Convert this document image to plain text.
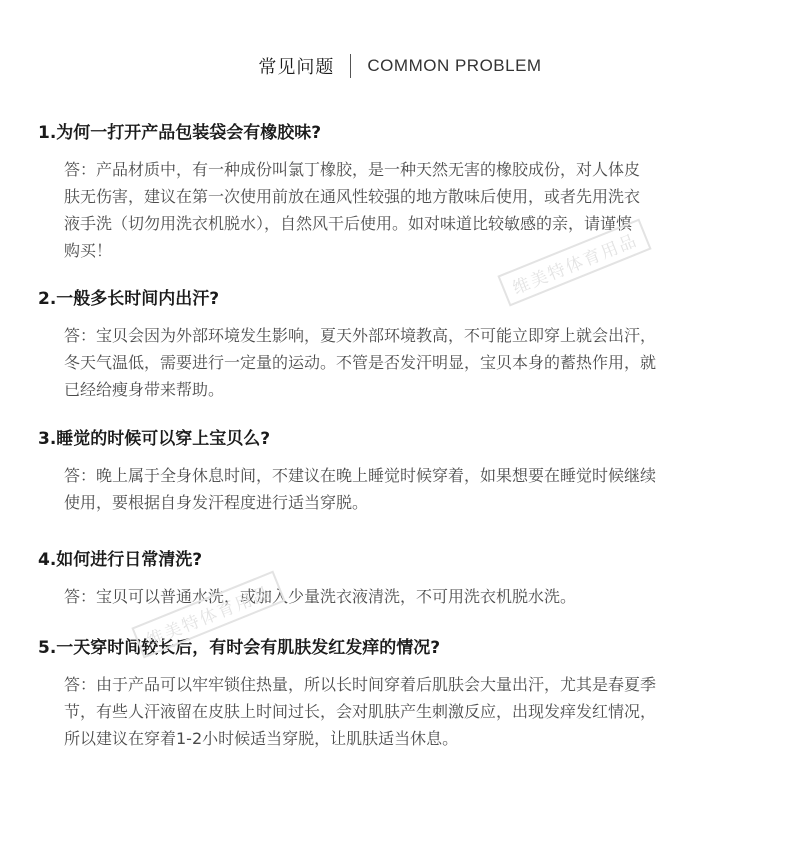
常见问题 COMMON PROBLEM
1.为何一打开产品包装袋会有橡胶味?
答：产品材质中，有一种成份叫氯丁橡胶，是一种天然无害的橡胶成份，对人体皮
肤无伤害，建议在第一次使用前放在通风性较强的地方散味后使用，或者先用洗衣
液手洗（切勿用洗衣机脱水），自然风干后使用。如对味道比较敏感的亲，请谨慎
购买！
2.一般多长时间内出汗?
答：宝贝会因为外部环境发生影响，夏天外部环境教高，不可能立即穿上就会出汗，
冬天气温低，需要进行一定量的运动。不管是否发汗明显，宝贝本身的蓄热作用，就
已经给瘦身带来帮助。
3.睡觉的时候可以穿上宝贝么?
答：晚上属于全身休息时间，不建议在晚上睡觉时候穿着，如果想要在睡觉时候继续
使用，要根据自身发汗程度进行适当穿脱。
4.如何进行日常清洗?
答：宝贝可以普通水洗，或加入少量洗衣液清洗，不可用洗衣机脱水洗。
5.一天穿时间较长后，有时会有肌肤发红发痒的情况?
答：由于产品可以牢牢锁住热量，所以长时间穿着后肌肤会大量出汗，尤其是春夏季
节，有些人汗液留在皮肤上时间过长，会对肌肤产生刺激反应，出现发痒发红情况，
所以建议在穿着1-2小时候适当穿脱，让肌肤适当休息。
维美特体育用品
维美特体育用品
